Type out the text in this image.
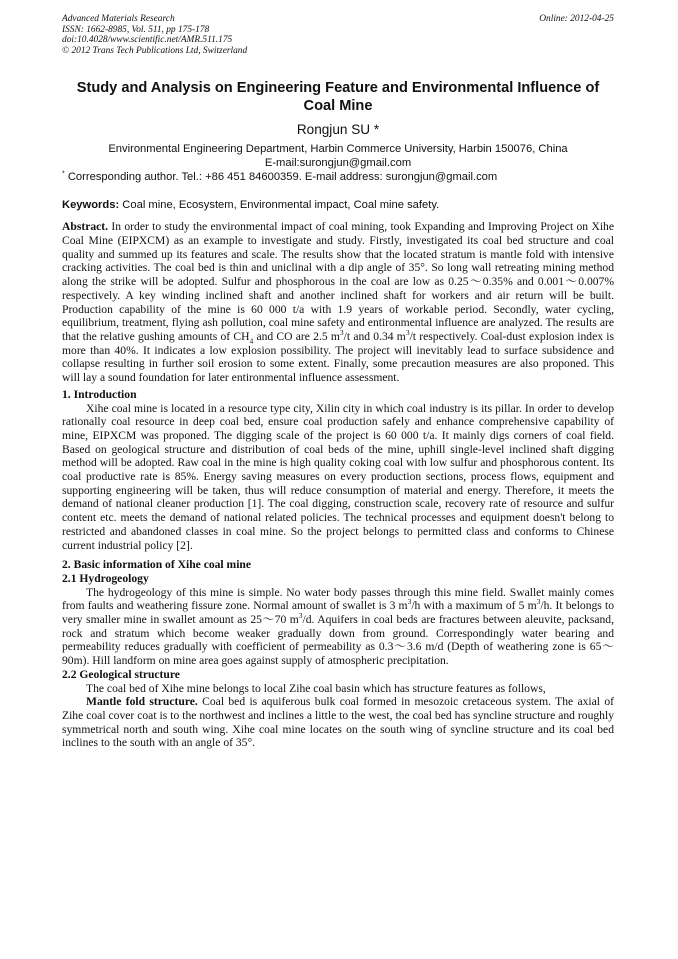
Advanced Materials Research
ISSN: 1662-8985, Vol. 511, pp 175-178
doi:10.4028/www.scientific.net/AMR.511.175
© 2012 Trans Tech Publications Ltd, Switzerland
Online: 2012-04-25
Study and Analysis on Engineering Feature and Environmental Influence of Coal Mine
Rongjun SU *
Environmental Engineering Department, Harbin Commerce University, Harbin 150076, China
E-mail:surongjun@gmail.com
* Corresponding author. Tel.: +86 451 84600359. E-mail address: surongjun@gmail.com
Keywords: Coal mine, Ecosystem, Environmental impact, Coal mine safety.
Abstract. In order to study the environmental impact of coal mining, took Expanding and Improving Project on Xihe Coal Mine (EIPXCM) as an example to investigate and study. Firstly, investigated its coal bed structure and coal quality and summed up its features and scale. The results show that the located stratum is mantle fold with intensive cracking activities. The coal bed is thin and uniclinal with a dip angle of 35°. So long wall retreating mining method along the strike will be adopted. Sulfur and phosphorous in the coal are low as 0.25～0.35% and 0.001～0.007% respectively. A key winding inclined shaft and another inclined shaft for workers and air return will be built. Production capability of the mine is 60 000 t/a with 1.9 years of workable period. Secondly, water cycling, equilibrium, treatment, flying ash pollution, coal mine safety and entironmental influence are analyzed. The results are that the relative gushing amounts of $CH_4$ and CO are 2.5 $m^3/t$ and 0.34 $m^3/t$ respectively. Coal-dust explosion index is more than 40%. It indicates a low explosion possibility. The project will inevitably lead to surface subsidence and collapse resulting in further soil erosion to some extent. Finally, some precaution measures are also proponed. This will lay a sound foundation for later entironmental influence assessment.
1. Introduction

Xihe coal mine is located in a resource type city, Xilin city in which coal industry is its pillar. In order to develop rationally coal resource in deep coal bed, ensure coal production safely and enhance comprehensive capability of mine, EIPXCM was proponed. The digging scale of the project is 60 000 t/a. It mainly digs corners of coal field. Based on geological structure and distribution of coal beds of the mine, uphill single-level inclined shaft digging method will be adopted. Raw coal in the mine is high quality coking coal with low sulfur and phosphorous content. Its coal productive rate is 85%. Energy saving measures on every production sections, process flows, equipment and supporting engineering will be taken, thus will reduce consumption of material and energy. Therefore, it meets the demand of national cleaner production [1]. The coal digging, construction scale, recovery rate of resource and sulfur content etc. meets the demand of national related policies. The technical processes and equipment doesn't belong to restricted and abandoned classes in coal mine. So the project belongs to permitted class and conforms to Chinese current industrial policy [2].

2. Basic information of Xihe coal mine
2.1 Hydrogeology

The hydrogeology of this mine is simple. No water body passes through this mine field. Swallet mainly comes from faults and weathering fissure zone. Normal amount of swallet is 3 $m^3/h$ with a maximum of 5 $m^3/h$. It belongs to very smaller mine in swallet amount as 25～70 $m^3/d$. Aquifers in coal beds are fractures between aleuvite, packsand, rock and stratum which become weaker gradually down from ground. Correspondingly water bearing and permeability reduces gradually with coefficient of permeability as 0.3～3.6 m/d (Depth of weathering zone is 65～90m). Hill landform on mine area goes against supply of atmospheric precipitation.

2.2 Geological structure

The coal bed of Xihe mine belongs to local Zihe coal basin which has structure features as follows,

Mantle fold structure. Coal bed is aquiferous bulk coal formed in mesozoic cretaceous system. The axial of Zihe coal cover coat is to the northwest and inclines a little to the west, the coal bed has syncline structure and roughly symmetrical north and south wing. Xihe coal mine locates on the south wing of syncline structure and its coal bed inclines to the south with an angle of 35°.
